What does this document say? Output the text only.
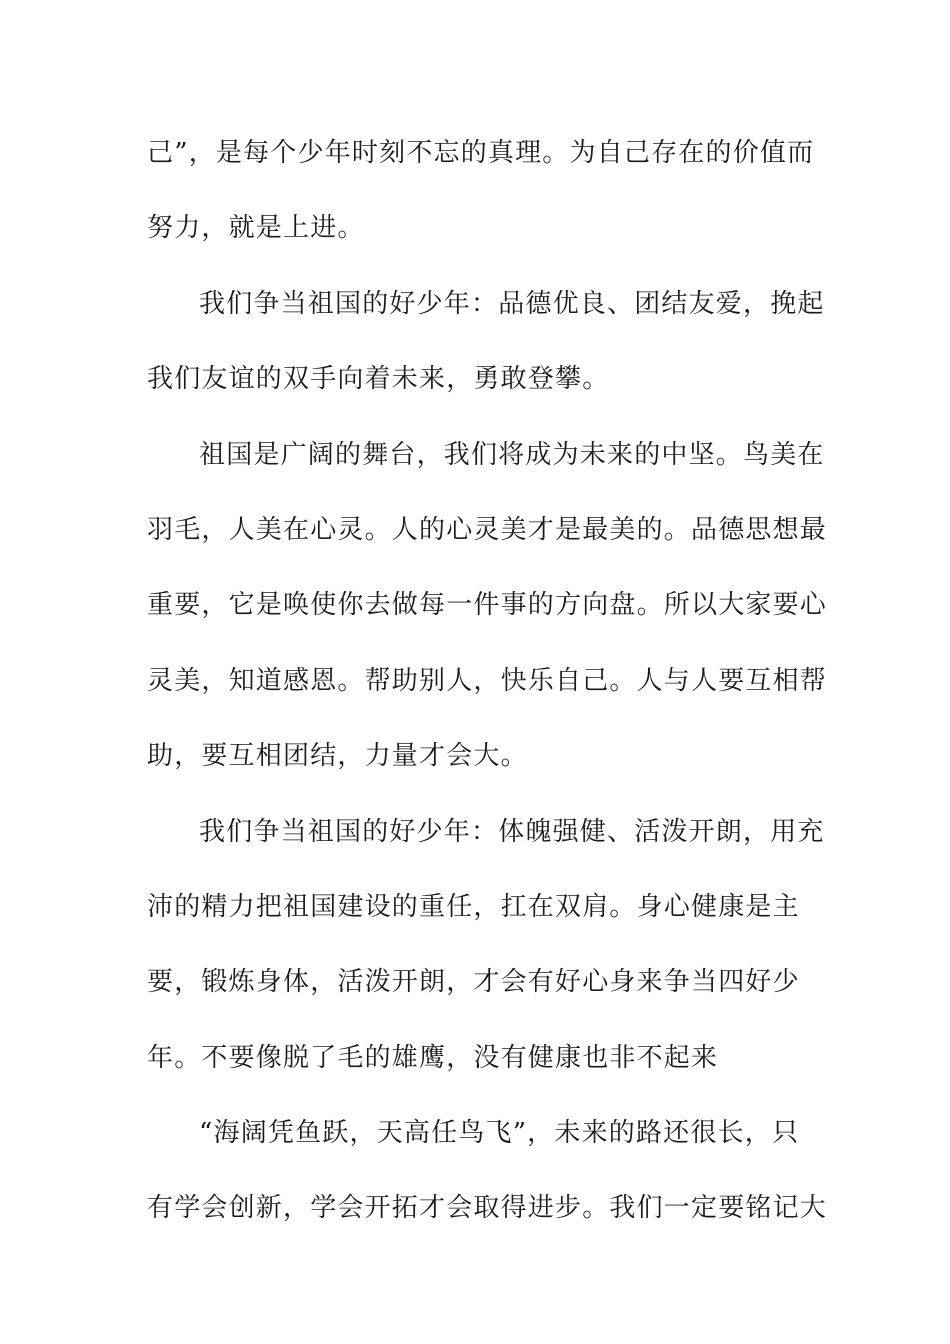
己”，是每个少年时刻不忘的真理。为自己存在的价值而
努力，就是上进。
我们争当祖国的好少年：品德优良、团结友爱，挽起
我们友谊的双手向着未来，勇敢登攀。
祖国是广阔的舞台，我们将成为未来的中坚。鸟美在
羽毛，人美在心灵。人的心灵美才是最美的。品德思想最
重要，它是唤使你去做每一件事的方向盘。所以大家要心
灵美，知道感恩。帮助别人，快乐自己。人与人要互相帮
助，要互相团结，力量才会大。
我们争当祖国的好少年：体魄强健、活泼开朗，用充
沛的精力把祖国建设的重任，扛在双肩。身心健康是主
要，锻炼身体，活泼开朗，才会有好心身来争当四好少
年。不要像脱了毛的雄鹰，没有健康也非不起来
“海阔凭鱼跃，天高任鸟飞”，未来的路还很长，只
有学会创新，学会开拓才会取得进步。我们一定要铭记大
